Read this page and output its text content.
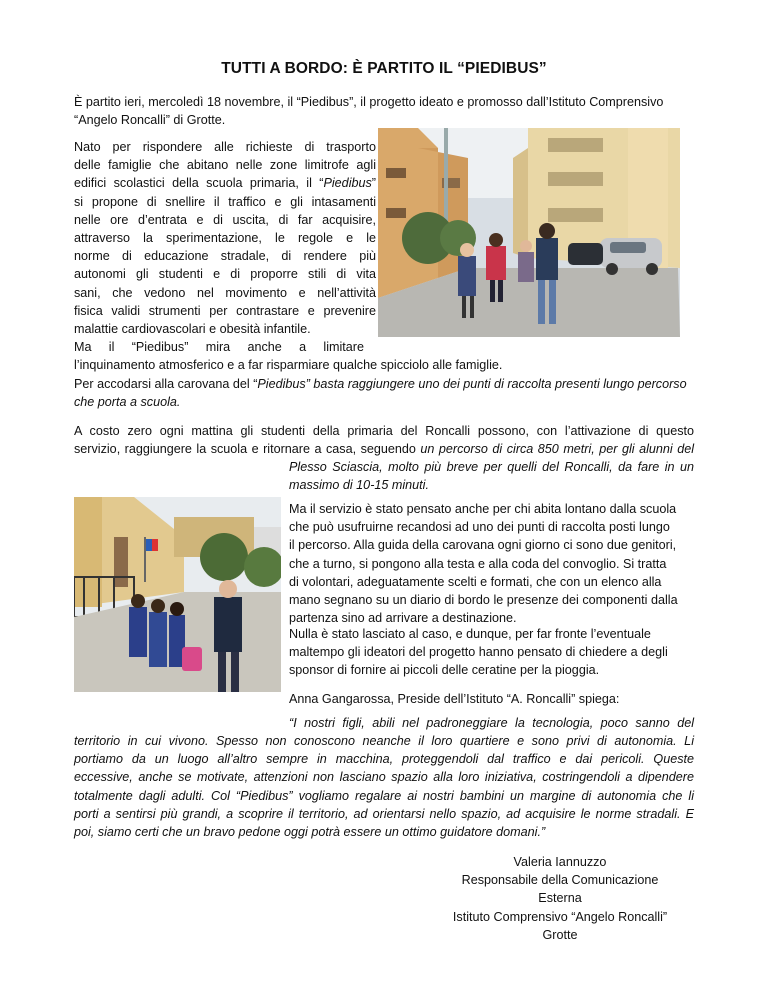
TUTTI A BORDO: È PARTITO IL “PIEDIBUS”

È partito ieri, mercoledì 18 novembre, il “Piedibus”, il progetto ideato e promosso dall’Istituto Comprensivo
“Angelo Roncalli” di Grotte.

Nato per rispondere alle richieste di trasporto
delle famiglie che abitano nelle zone limitrofe agli
edifici scolastici della scuola primaria, il “Piedibus”
si propone di snellire il traffico e gli intasamenti
nelle ore d’entrata e di uscita, di far acquisire,
attraverso la sperimentazione, le regole e le
norme di educazione stradale, di rendere più
autonomi gli studenti e di proporre stili di vita
sani, che vedono nel movimento e nell’attività
fisica validi strumenti per contrastare e prevenire

malattie cardiovascolari e obesità infantile.

Ma il “Piedibus” mira anche a limitare

l’inquinamento atmosferico e a far risparmiare qualche spicciolo alle famiglie.

Per accodarsi alla carovana del “Piedibus” basta raggiungere uno dei punti di raccolta presenti lungo percorso che porta a scuola.

A costo zero ogni mattina gli studenti della primaria del Roncalli possono, con l’attivazione di questo
servizio, raggiungere la scuola e ritornare a casa, seguendo un percorso di circa 850 metri, per gli alunni del

Plesso Sciascia, molto più breve per quelli del Roncalli, da fare in un

massimo di 10-15 minuti.

Ma il servizio è stato pensato anche per chi abita lontano dalla scuola
che può usufruirne recandosi ad uno dei punti di raccolta posti lungo
il percorso. Alla guida della carovana ogni giorno ci sono due genitori,
che a turno, si pongono alla testa e alla coda del convoglio. Si tratta
di volontari, adeguatamente scelti e formati, che con un elenco alla
mano segnano su un diario di bordo le presenze dei componenti dalla
partenza sino ad arrivare a destinazione.

Nulla è stato lasciato al caso, e dunque, per far fronte l’eventuale
maltempo gli ideatori del progetto hanno pensato di chiedere a degli
sponsor di fornire ai piccoli delle ceratine per la pioggia.

Anna Gangarossa, Preside dell’Istituto “A. Roncalli” spiega:

“I nostri figli, abili nel padroneggiare la tecnologia, poco sanno del

territorio in cui vivono. Spesso non conoscono neanche il loro quartiere e sono privi di autonomia. Li
portiamo da un luogo all’altro sempre in macchina, proteggendoli dal traffico e dai pericoli. Queste
eccessive, anche se motivate, attenzioni non lasciano spazio alla loro iniziativa, costringendoli a dipendere
totalmente dagli adulti. Col “Piedibus” vogliamo regalare ai nostri bambini un margine di autonomia che li
porti a sentirsi più grandi, a scoprire il territorio, ad orientarsi nello spazio, ad acquisire le norme stradali. E

poi, siamo certi che un bravo pedone oggi potrà essere un ottimo guidatore domani.”

Valeria Iannuzzo
Responsabile della Comunicazione Esterna
Istituto Comprensivo “Angelo Roncalli”
Grotte
